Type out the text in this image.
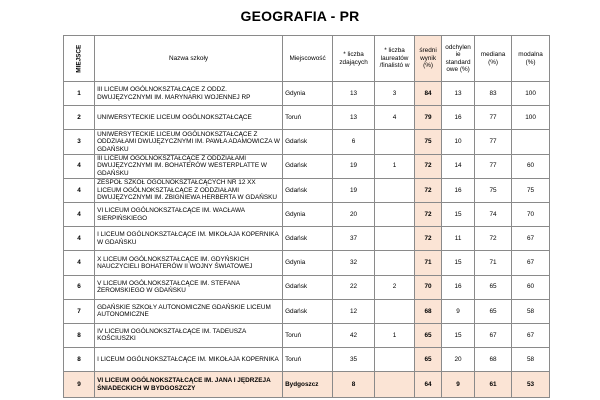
GEOGRAFIA - PR
MIEJSCE	Nazwa szkoły	Miejscowość	* liczba zdających	* liczba laureatów /finalistó w	średni wynik (%)	odchylen ie standard owe (%)	mediana (%)	modalna (%)
1	III LICEUM OGÓLNOKSZTAŁCĄCE Z ODDZ. DWUJĘZYCZNYMI IM. MARYNARKI WOJENNEJ RP	Gdynia	13	3	84	13	83	100
2	UNIWERSYTECKIE LICEUM OGÓLNOKSZTAŁCĄCE	Toruń	13	4	79	16	77	100
3	UNIWERSYTECKIE LICEUM OGÓLNOKSZTAŁCĄCE Z ODDZIAŁAMI DWUJĘZYCZNYMI IM. PAWŁA ADAMOWICZA W GDAŃSKU	Gdańsk	6		75	10	77	
4	III LICEUM OGÓLNOKSZTAŁCĄCE Z ODDZIAŁAMI DWUJĘZYCZNYMI IM. BOHATERÓW WESTERPLATTE W GDAŃSKU	Gdańsk	19	1	72	14	77	60
4	ZESPÓŁ SZKÓŁ OGÓLNOKSZTAŁCĄCYCH NR 12 XX LICEUM OGÓLNOKSZTAŁCĄCE Z ODDZIAŁAMI DWUJĘZYCZNYMI IM. ZBIGNIEWA HERBERTA W GDAŃSKU	Gdańsk	19		72	16	75	75
4	VI LICEUM OGÓLNOKSZTAŁCĄCE IM. WACŁAWA SIERPIŃSKIEGO	Gdynia	20		72	15	74	70
4	I LICEUM OGÓLNOKSZTAŁCĄCE IM. MIKOŁAJA KOPERNIKA W GDAŃSKU	Gdańsk	37		72	11	72	67
4	X LICEUM OGÓLNOKSZTAŁCĄCE IM. GDYŃSKICH NAUCZYCIELI BOHATERÓW II WOJNY ŚWIATOWEJ	Gdynia	32		71	15	71	67
6	V LICEUM OGÓLNOKSZTAŁCĄCE IM. STEFANA ŻEROMSKIEGO W GDAŃSKU	Gdańsk	22	2	70	16	65	60
7	GDAŃSKIE SZKOŁY AUTONOMICZNE GDAŃSKIE LICEUM AUTONOMICZNE	Gdańsk	12		68	9	65	58
8	IV LICEUM OGÓLNOKSZTAŁCĄCE IM. TADEUSZA KOŚCIUSZKI	Toruń	42	1	65	15	67	67
8	I LICEUM OGÓLNOKSZTAŁCĄCE IM. MIKOŁAJA KOPERNIKA	Toruń	35		65	20	68	58
9	VI LICEUM OGÓLNOKSZTAŁCĄCE IM. JANA I JĘDRZEJA ŚNIADECKICH W BYDGOSZCZY	Bydgoszcz	8		64	9	61	53
